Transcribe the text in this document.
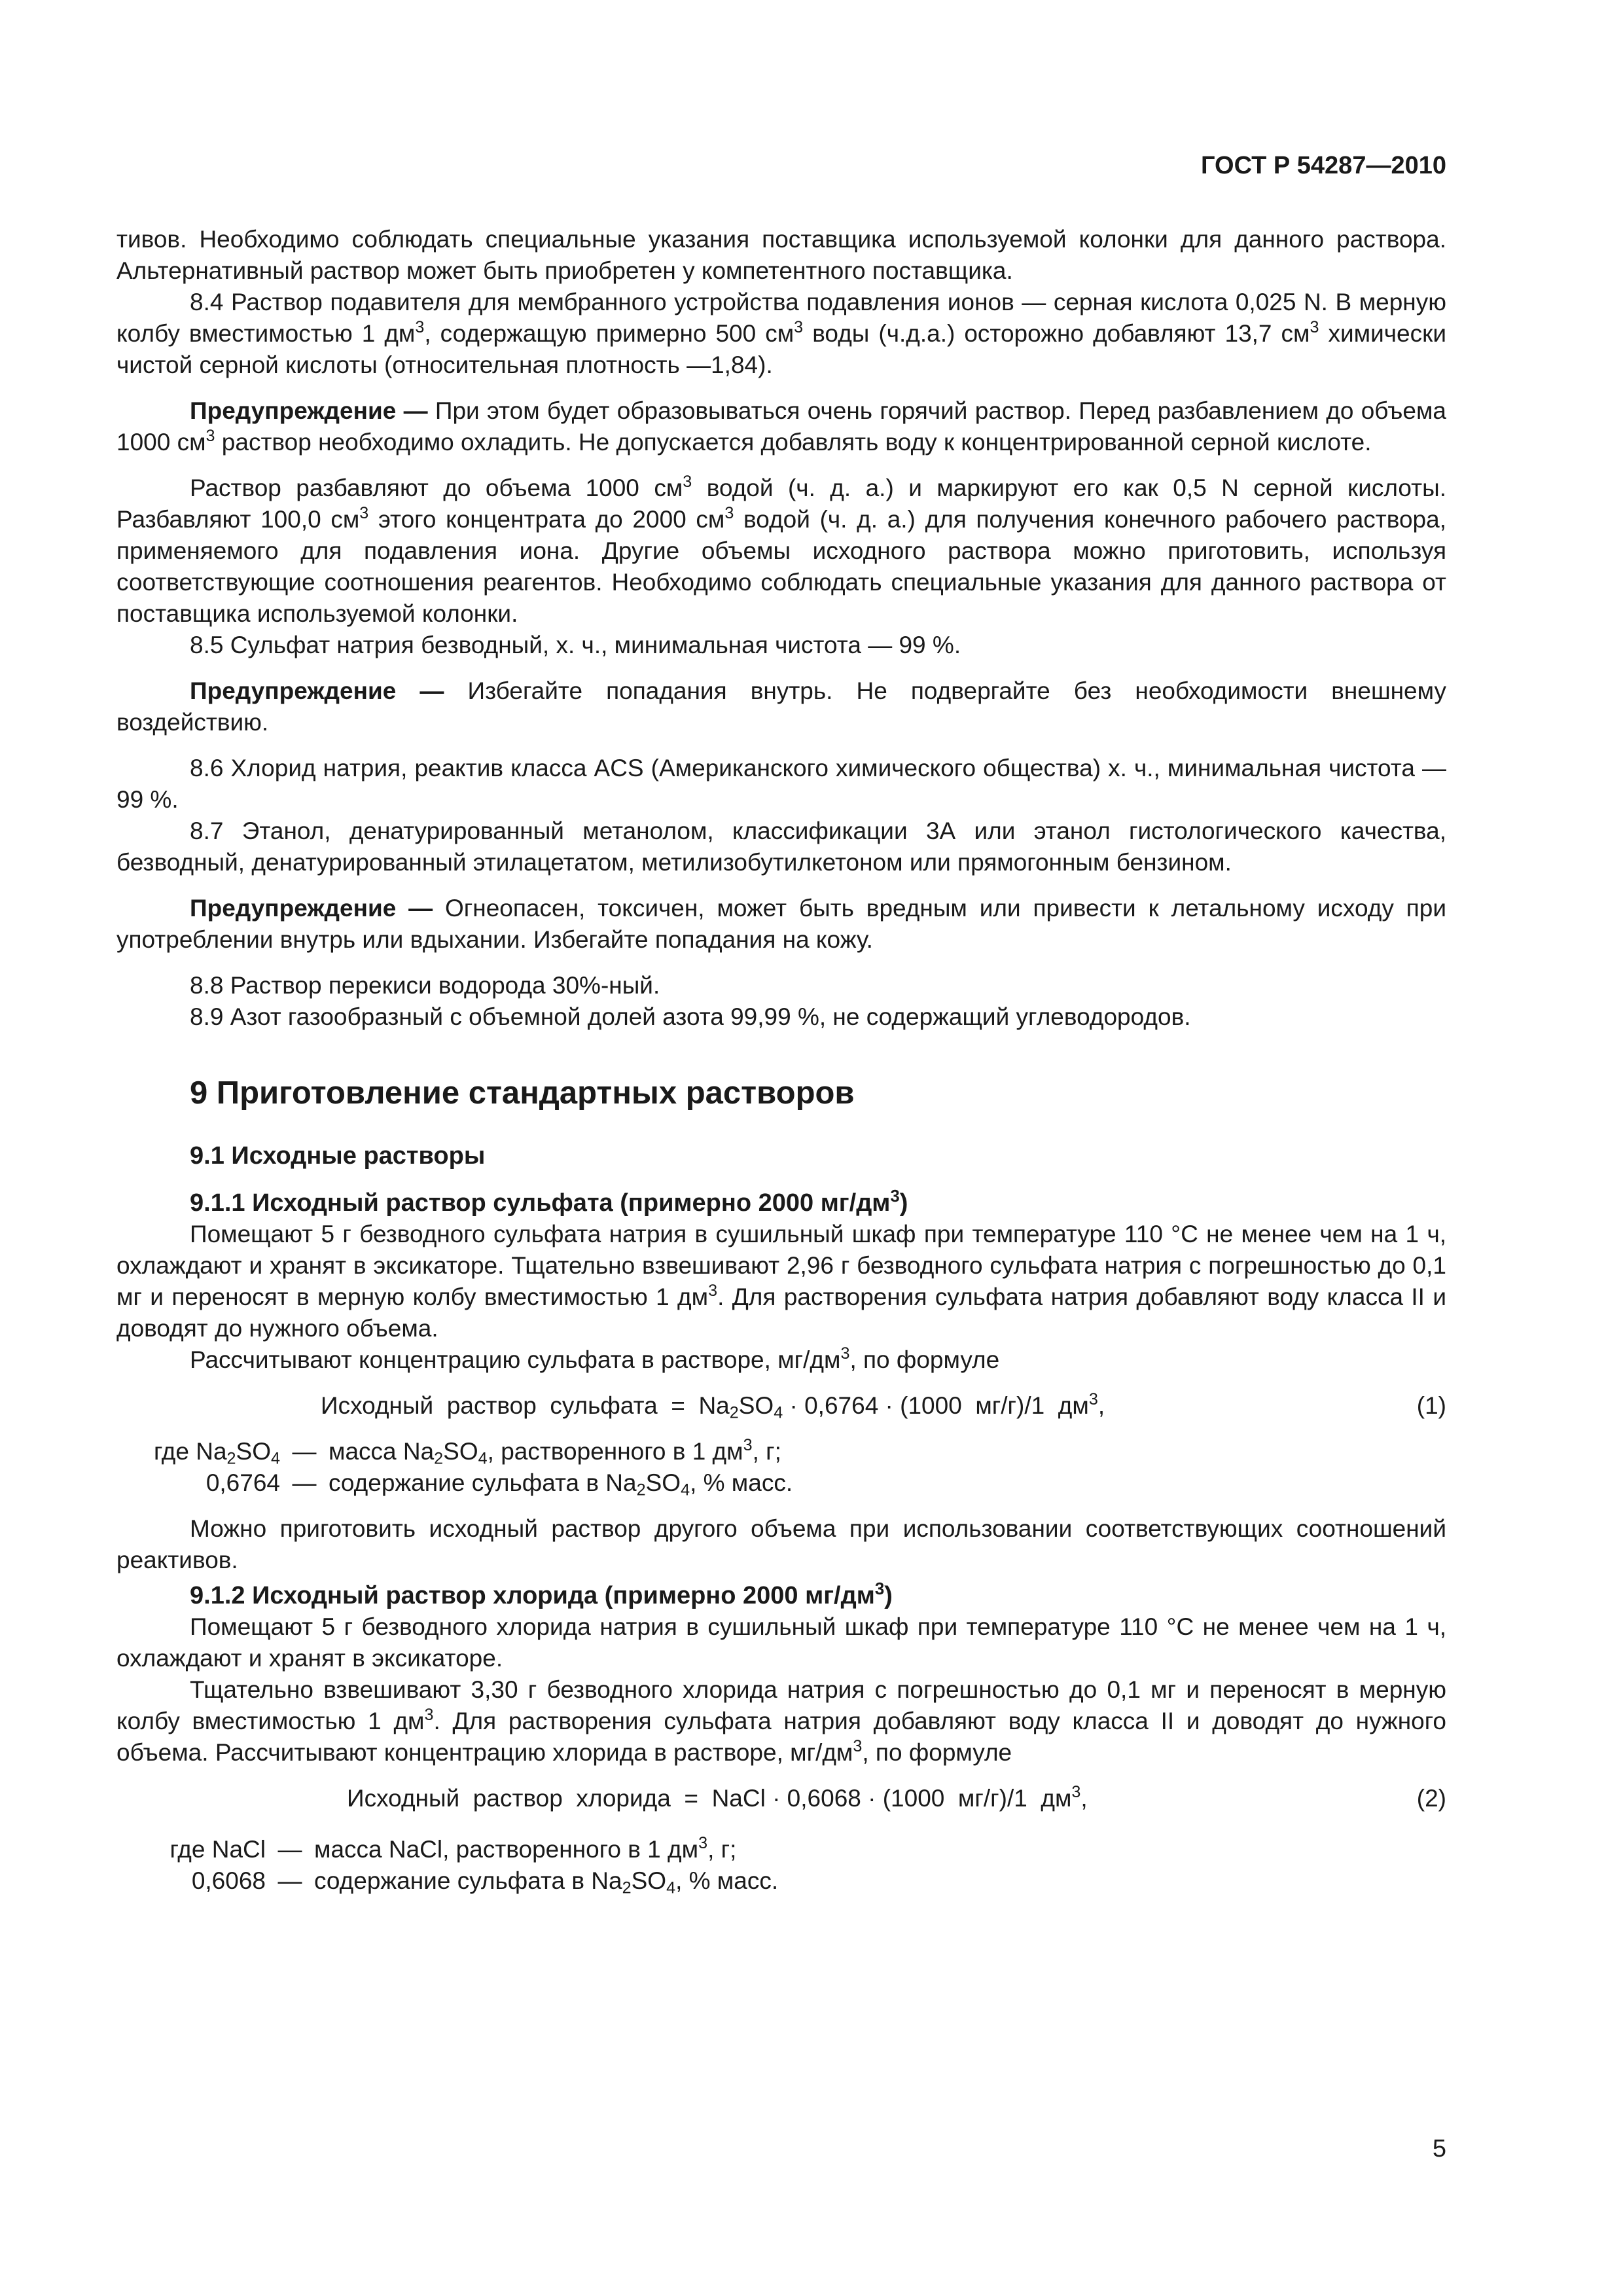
ГОСТ Р 54287—2010

тивов. Необходимо соблюдать специальные указания поставщика используемой колонки для данного раствора. Альтернативный раствор может быть приобретен у компетентного поставщика.

8.4 Раствор подавителя для мембранного устройства подавления ионов — серная кислота 0,025 N. В мерную колбу вместимостью 1 $дм^3$, содержащую примерно 500 $см^3$ воды (ч.д.а.) осторожно добавляют 13,7 $см^3$ химически чистой серной кислоты (относительная плотность —1,84).

Предупреждение — При этом будет образовываться очень горячий раствор. Перед разбавлением до объема 1000 $см^3$ раствор необходимо охладить. Не допускается добавлять воду к концентрированной серной кислоте.

Раствор разбавляют до объема 1000 $см^3$ водой (ч. д. а.) и маркируют его как 0,5 N серной кислоты. Разбавляют 100,0 $см^3$ этого концентрата до 2000 $см^3$ водой (ч. д. а.) для получения конечного рабочего раствора, применяемого для подавления иона. Другие объемы исходного раствора можно приготовить, используя соответствующие соотношения реагентов. Необходимо соблюдать специальные указания для данного раствора от поставщика используемой колонки.

8.5 Сульфат натрия безводный, х. ч., минимальная чистота — 99 %.

Предупреждение — Избегайте попадания внутрь. Не подвергайте без необходимости внешнему воздействию.

8.6 Хлорид натрия, реактив класса ACS (Американского химического общества) х. ч., минимальная чистота — 99 %.

8.7 Этанол, денатурированный метанолом, классификации 3А или этанол гистологического качества, безводный, денатурированный этилацетатом, метилизобутилкетоном или прямогонным бензином.

Предупреждение — Огнеопасен, токсичен, может быть вредным или привести к летальному исходу при употреблении внутрь или вдыхании. Избегайте попадания на кожу.

8.8 Раствор перекиси водорода 30%-ный.

8.9 Азот газообразный с объемной долей азота 99,99 %, не содержащий углеводородов.

9 Приготовление стандартных растворов

9.1 Исходные растворы

9.1.1 Исходный раствор сульфата (примерно 2000 $мг/дм^3$)

Помещают 5 г безводного сульфата натрия в сушильный шкаф при температуре 110 °С не менее чем на 1 ч, охлаждают и хранят в эксикаторе. Тщательно взвешивают 2,96 г безводного сульфата натрия с погрешностью до 0,1 мг и переносят в мерную колбу вместимостью 1 $дм^3$. Для растворения сульфата натрия добавляют воду класса II и доводят до нужного объема.

Рассчитывают концентрацию сульфата в растворе, $мг/дм^3$, по формуле

Исходный  раствор  сульфата  =  $Na_2SO_4 \cdot 0,6764 \cdot (1000$  мг/г)/1  $дм^3$,	(1)
где $Na_2SO_4$ — масса $Na_2SO_4$, растворенного в 1 $дм^3$, г;
0,6764 — содержание сульфата в $Na_2SO_4$, % масс.

Можно приготовить исходный раствор другого объема при использовании соответствующих соотношений реактивов.

9.1.2 Исходный раствор хлорида (примерно 2000 $мг/дм^3$)

Помещают 5 г безводного хлорида натрия в сушильный шкаф при температуре 110 °С не менее чем на 1 ч, охлаждают и хранят в эксикаторе.

Тщательно взвешивают 3,30 г безводного хлорида натрия с погрешностью до 0,1 мг и переносят в мерную колбу вместимостью 1 $дм^3$. Для растворения сульфата натрия добавляют воду класса II и доводят до нужного объема. Рассчитывают концентрацию хлорида в растворе, $мг/дм^3$, по формуле

Исходный  раствор  хлорида  =  NaCl · 0,6068 · (1000  мг/г)/1  $дм^3$,	(2)
где NaCl — масса NaCl, растворенного в 1 $дм^3$, г;
0,6068 — содержание сульфата в $Na_2SO_4$, % масс.
5
